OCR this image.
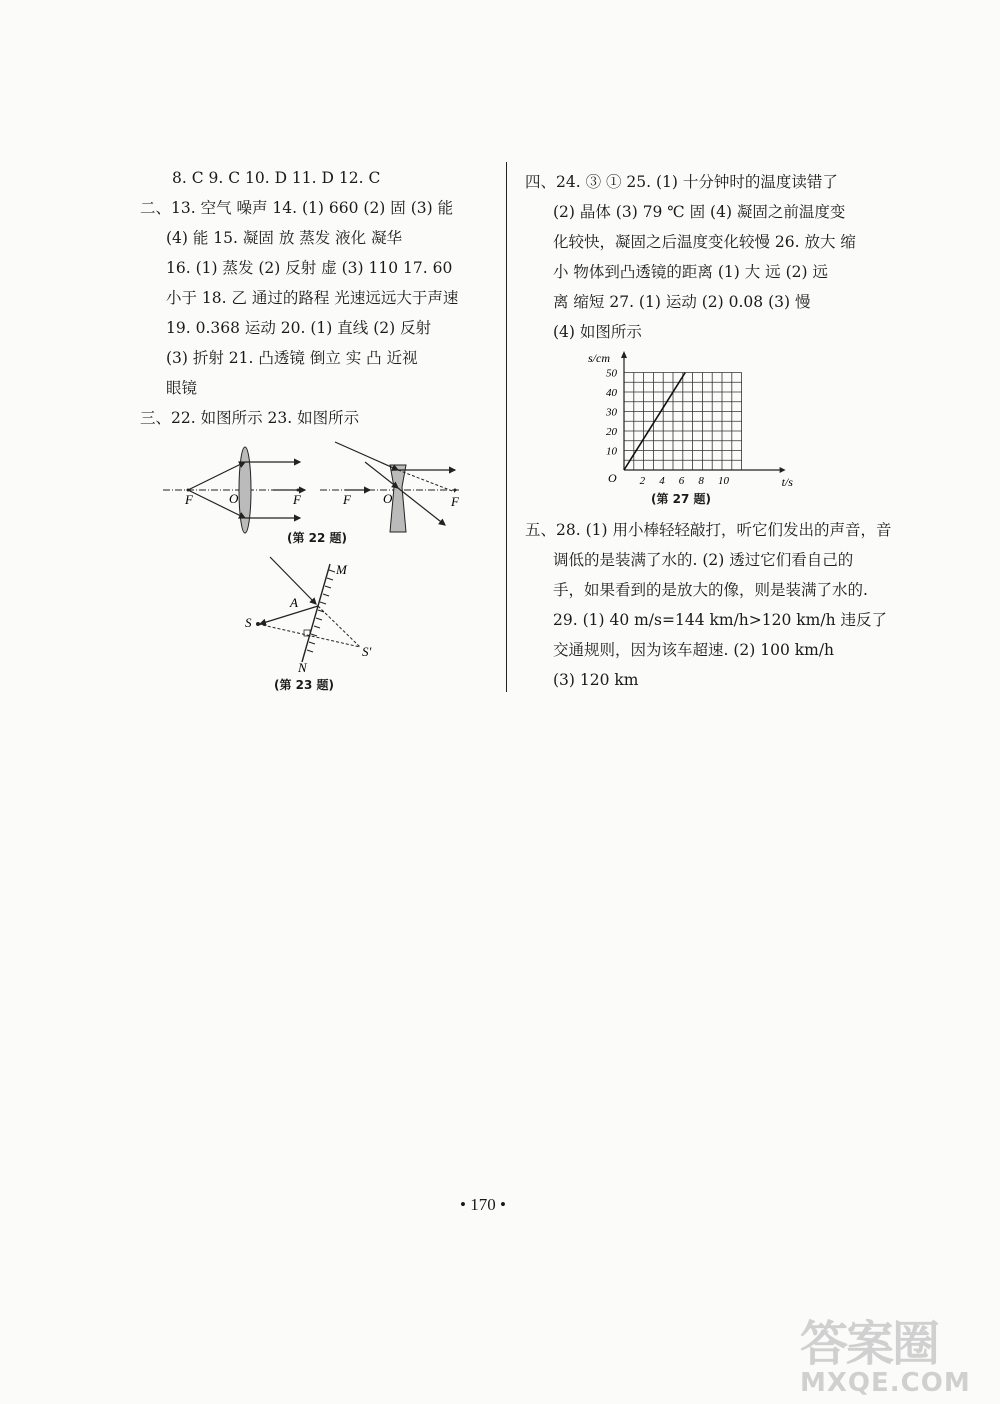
8. C 9. C 10. D 11. D 12. C
二、13. 空气 噪声 14. (1) 660 (2) 固 (3) 能
(4) 能 15. 凝固 放 蒸发 液化 凝华
16. (1) 蒸发 (2) 反射 虚 (3) 110 17. 60
小于 18. 乙 通过的路程 光速远远大于声速
19. 0.368 运动 20. (1) 直线 (2) 反射
(3) 折射 21. 凸透镜 倒立 实 凸 近视
眼镜
三、22. 如图所示 23. 如图所示
F	O	F	F O	F
(第 22 题)
M
N
A
S
S′
(第 23 题)
四、24. ③ ① 25. (1) 十分钟时的温度读错了
(2) 晶体 (3) 79 ℃ 固 (4) 凝固之前温度变
化较快，凝固之后温度变化较慢 26. 放大 缩
小 物体到凸透镜的距离 (1) 大 远 (2) 远
离 缩短 27. (1) 运动 (2) 0.08 (3) 慢
(4) 如图所示
2 4 6 8 10
10
20
30
40
50
O	t/s
s/cm
(第 27 题)
五、28. (1) 用小棒轻轻敲打，听它们发出的声音，音
调低的是装满了水的. (2) 透过它们看自己的
手，如果看到的是放大的像，则是装满了水的.
29. (1) 40 m/s=144 km/h>120 km/h 违反了
交通规则，因为该车超速. (2) 100 km/h
(3) 120 km
• 170 •
答案圈
MXQE.COM
